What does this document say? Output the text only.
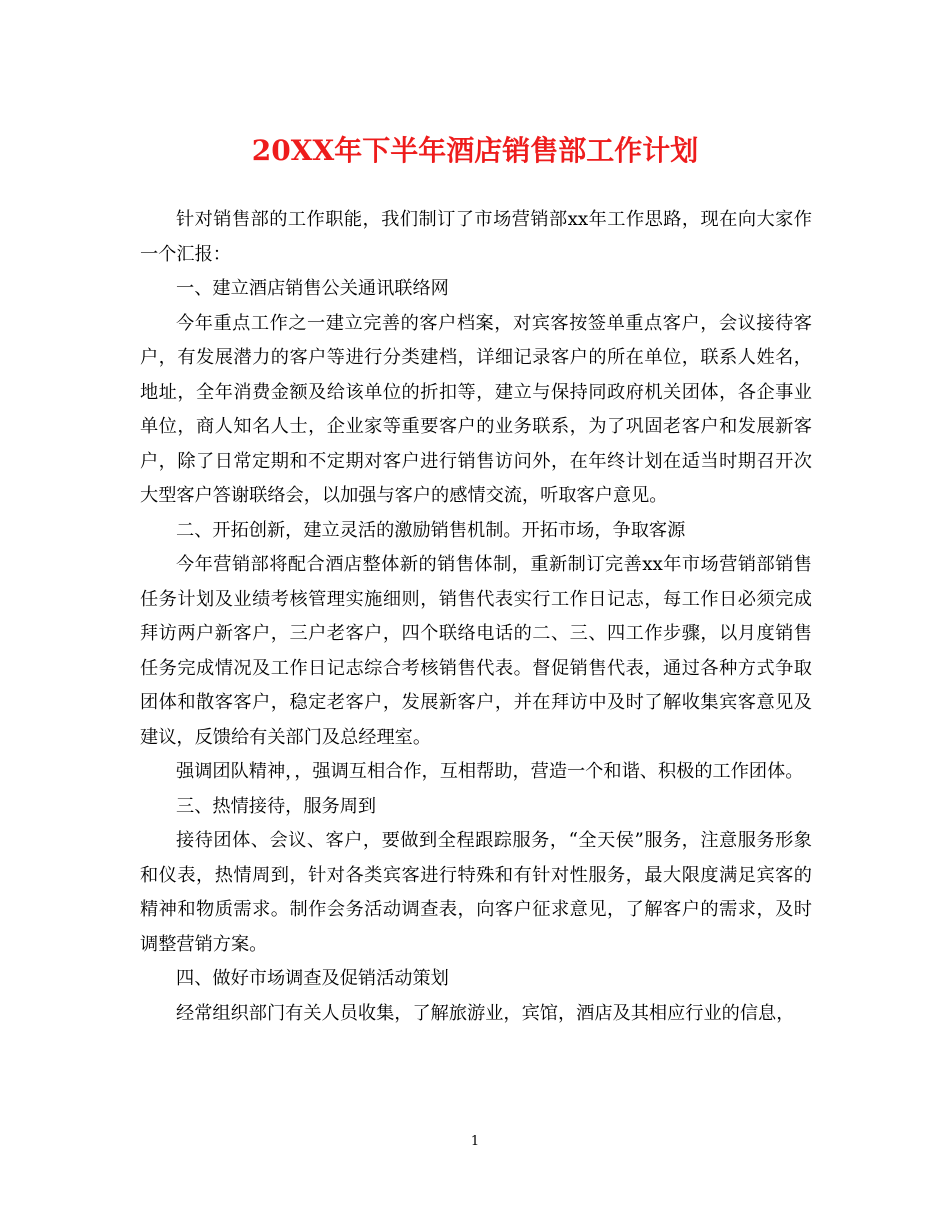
20XX年下半年酒店销售部工作计划

针对销售部的工作职能，我们制订了市场营销部xx年工作思路，现在向大家作一个汇报：

一、建立酒店销售公关通讯联络网

今年重点工作之一建立完善的客户档案，对宾客按签单重点客户，会议接待客户，有发展潜力的客户等进行分类建档，详细记录客户的所在单位，联系人姓名，地址，全年消费金额及给该单位的折扣等，建立与保持同政府机关团体，各企事业单位，商人知名人士，企业家等重要客户的业务联系，为了巩固老客户和发展新客户，除了日常定期和不定期对客户进行销售访问外，在年终计划在适当时期召开次大型客户答谢联络会，以加强与客户的感情交流，听取客户意见。

二、开拓创新，建立灵活的激励销售机制。开拓市场，争取客源

今年营销部将配合酒店整体新的销售体制，重新制订完善xx年市场营销部销售任务计划及业绩考核管理实施细则，销售代表实行工作日记志，每工作日必须完成拜访两户新客户，三户老客户，四个联络电话的二、三、四工作步骤，以月度销售任务完成情况及工作日记志综合考核销售代表。督促销售代表，通过各种方式争取团体和散客客户，稳定老客户，发展新客户，并在拜访中及时了解收集宾客意见及建议，反馈给有关部门及总经理室。

强调团队精神，，强调互相合作，互相帮助，营造一个和谐、积极的工作团体。

三、热情接待，服务周到

接待团体、会议、客户，要做到全程跟踪服务，“全天侯”服务，注意服务形象和仪表，热情周到，针对各类宾客进行特殊和有针对性服务，最大限度满足宾客的精神和物质需求。制作会务活动调查表，向客户征求意见，了解客户的需求，及时调整营销方案。

四、做好市场调查及促销活动策划

经常组织部门有关人员收集，了解旅游业，宾馆，酒店及其相应行业的信息，

1
